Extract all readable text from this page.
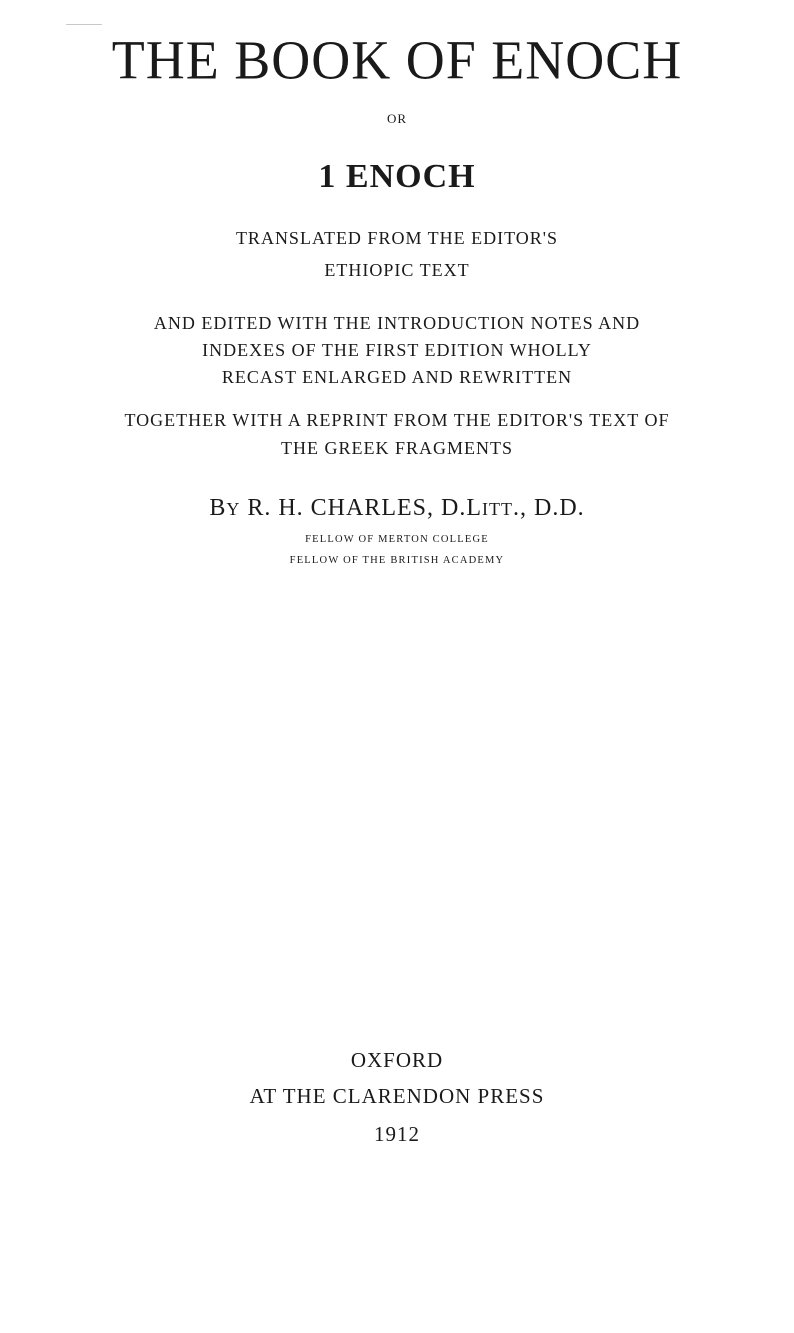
THE BOOK OF ENOCH

OR

1 ENOCH

TRANSLATED FROM THE EDITOR'S

ETHIOPIC TEXT

AND EDITED WITH THE INTRODUCTION NOTES AND

INDEXES OF THE FIRST EDITION WHOLLY

RECAST ENLARGED AND REWRITTEN

TOGETHER WITH A REPRINT FROM THE EDITOR'S TEXT OF

THE GREEK FRAGMENTS

BY R. H. CHARLES, D.LITT., D.D.

FELLOW OF MERTON COLLEGE

FELLOW OF THE BRITISH ACADEMY

OXFORD

AT THE CLARENDON PRESS

1912
